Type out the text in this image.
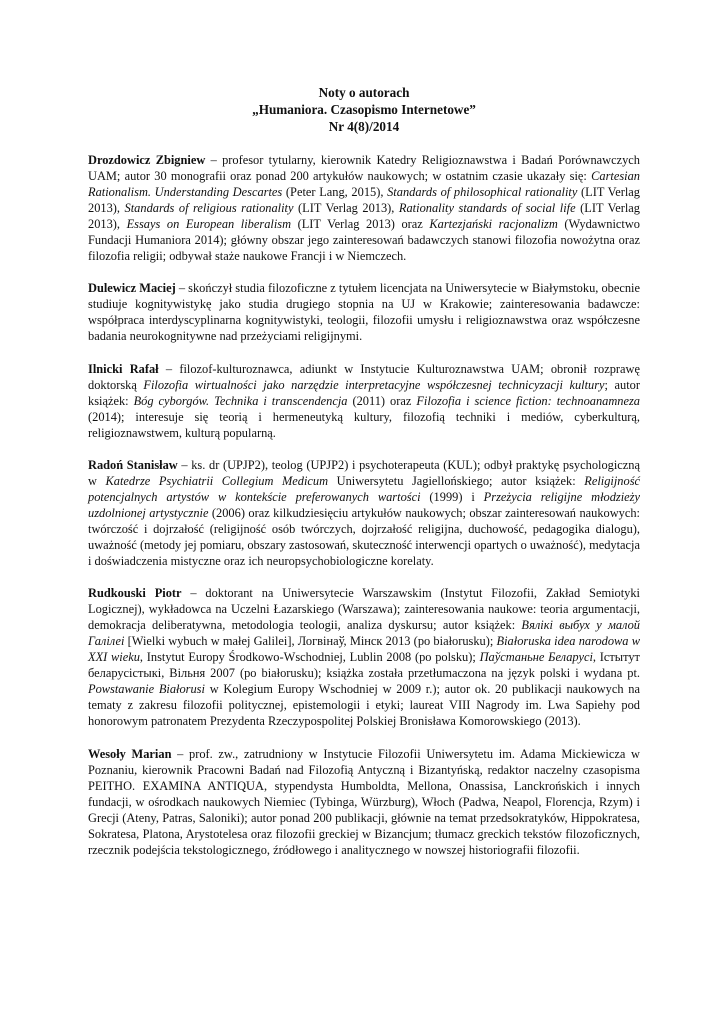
Noty o autorach
„Humaniora. Czasopismo Internetowe”
Nr 4(8)/2014

Drozdowicz Zbigniew – profesor tytularny, kierownik Katedry Religioznawstwa i Badań Porównawczych UAM; autor 30 monografii oraz ponad 200 artykułów naukowych; w ostatnim czasie ukazały się: Cartesian Rationalism. Understanding Descartes (Peter Lang, 2015), Standards of philosophical rationality (LIT Verlag 2013), Standards of religious rationality (LIT Verlag 2013), Rationality standards of social life (LIT Verlag 2013), Essays on European liberalism (LIT Verlag 2013) oraz Kartezjański racjonalizm (Wydawnictwo Fundacji Humaniora 2014); główny obszar jego zainteresowań badawczych stanowi filozofia nowożytna oraz filozofia religii; odbywał staże naukowe Francji i w Niemczech.

Dulewicz Maciej – skończył studia filozoficzne z tytułem licencjata na Uniwersytecie w Białymstoku, obecnie studiuje kognitywistykę jako studia drugiego stopnia na UJ w Krakowie; zainteresowania badawcze: współpraca interdyscyplinarna kognitywistyki, teologii, filozofii umysłu i religioznawstwa oraz współczesne badania neurokognitywne nad przeżyciami religijnymi.

Ilnicki Rafał – filozof-kulturoznawca, adiunkt w Instytucie Kulturoznawstwa UAM; obronił rozprawę doktorską Filozofia wirtualności jako narzędzie interpretacyjne współczesnej technicyzacji kultury; autor książek: Bóg cyborgów. Technika i transcendencja (2011) oraz Filozofia i science fiction: technoanamneza (2014); interesuje się teorią i hermeneutyką kultury, filozofią techniki i mediów, cyberkulturą, religioznawstwem, kulturą popularną.

Radoń Stanisław – ks. dr (UPJP2), teolog (UPJP2) i psychoterapeuta (KUL); odbył praktykę psychologiczną w Katedrze Psychiatrii Collegium Medicum Uniwersytetu Jagiellońskiego; autor książek: Religijność potencjalnych artystów w kontekście preferowanych wartości (1999) i Przeżycia religijne młodzieży uzdolnionej artystycznie (2006) oraz kilkudziesięciu artykułów naukowych; obszar zainteresowań naukowych: twórczość i dojrzałość (religijność osób twórczych, dojrzałość religijna, duchowość, pedagogika dialogu), uważność (metody jej pomiaru, obszary zastosowań, skuteczność interwencji opartych o uważność), medytacja i doświadczenia mistyczne oraz ich neuropsychobiologiczne korelaty.

Rudkouski Piotr – doktorant na Uniwersytecie Warszawskim (Instytut Filozofii, Zakład Semiotyki Logicznej), wykładowca na Uczelni Łazarskiego (Warszawa); zainteresowania naukowe: teoria argumentacji, demokracja deliberatywna, metodologia teologii, analiza dyskursu; autor książek: Вялікі выбух у малой Галілеі [Wielki wybuch w małej Galilei], Логвінаў, Мінск 2013 (po białorusku); Białoruska idea narodowa w XXI wieku, Instytut Europy Środkowo-Wschodniej, Lublin 2008 (po polsku); Паўстаньне Беларусі, Істытут беларусістыкі, Вільня 2007 (po białorusku); książka została przetłumaczona na język polski i wydana pt. Powstawanie Białorusi w Kolegium Europy Wschodniej w 2009 r.); autor ok. 20 publikacji naukowych na tematy z zakresu filozofii politycznej, epistemologii i etyki; laureat VIII Nagrody im. Lwa Sapiehy pod honorowym patronatem Prezydenta Rzeczypospolitej Polskiej Bronisława Komorowskiego (2013).

Wesoły Marian – prof. zw., zatrudniony w Instytucie Filozofii Uniwersytetu im. Adama Mickiewicza w Poznaniu, kierownik Pracowni Badań nad Filozofią Antyczną i Bizantyńską, redaktor naczelny czasopisma PEITHO. EXAMINA ANTIQUA, stypendysta Humboldta, Mellona, Onassisa, Lanckrońskich i innych fundacji, w ośrodkach naukowych Niemiec (Tybinga, Würzburg), Włoch (Padwa, Neapol, Florencja, Rzym) i Grecji (Ateny, Patras, Saloniki); autor ponad 200 publikacji, głównie na temat przedsokratyków, Hippokratesa, Sokratesa, Platona, Arystotelesa oraz filozofii greckiej w Bizancjum; tłumacz greckich tekstów filozoficznych, rzecznik podejścia tekstologicznego, źródłowego i analitycznego w nowszej historiografii filozofii.
